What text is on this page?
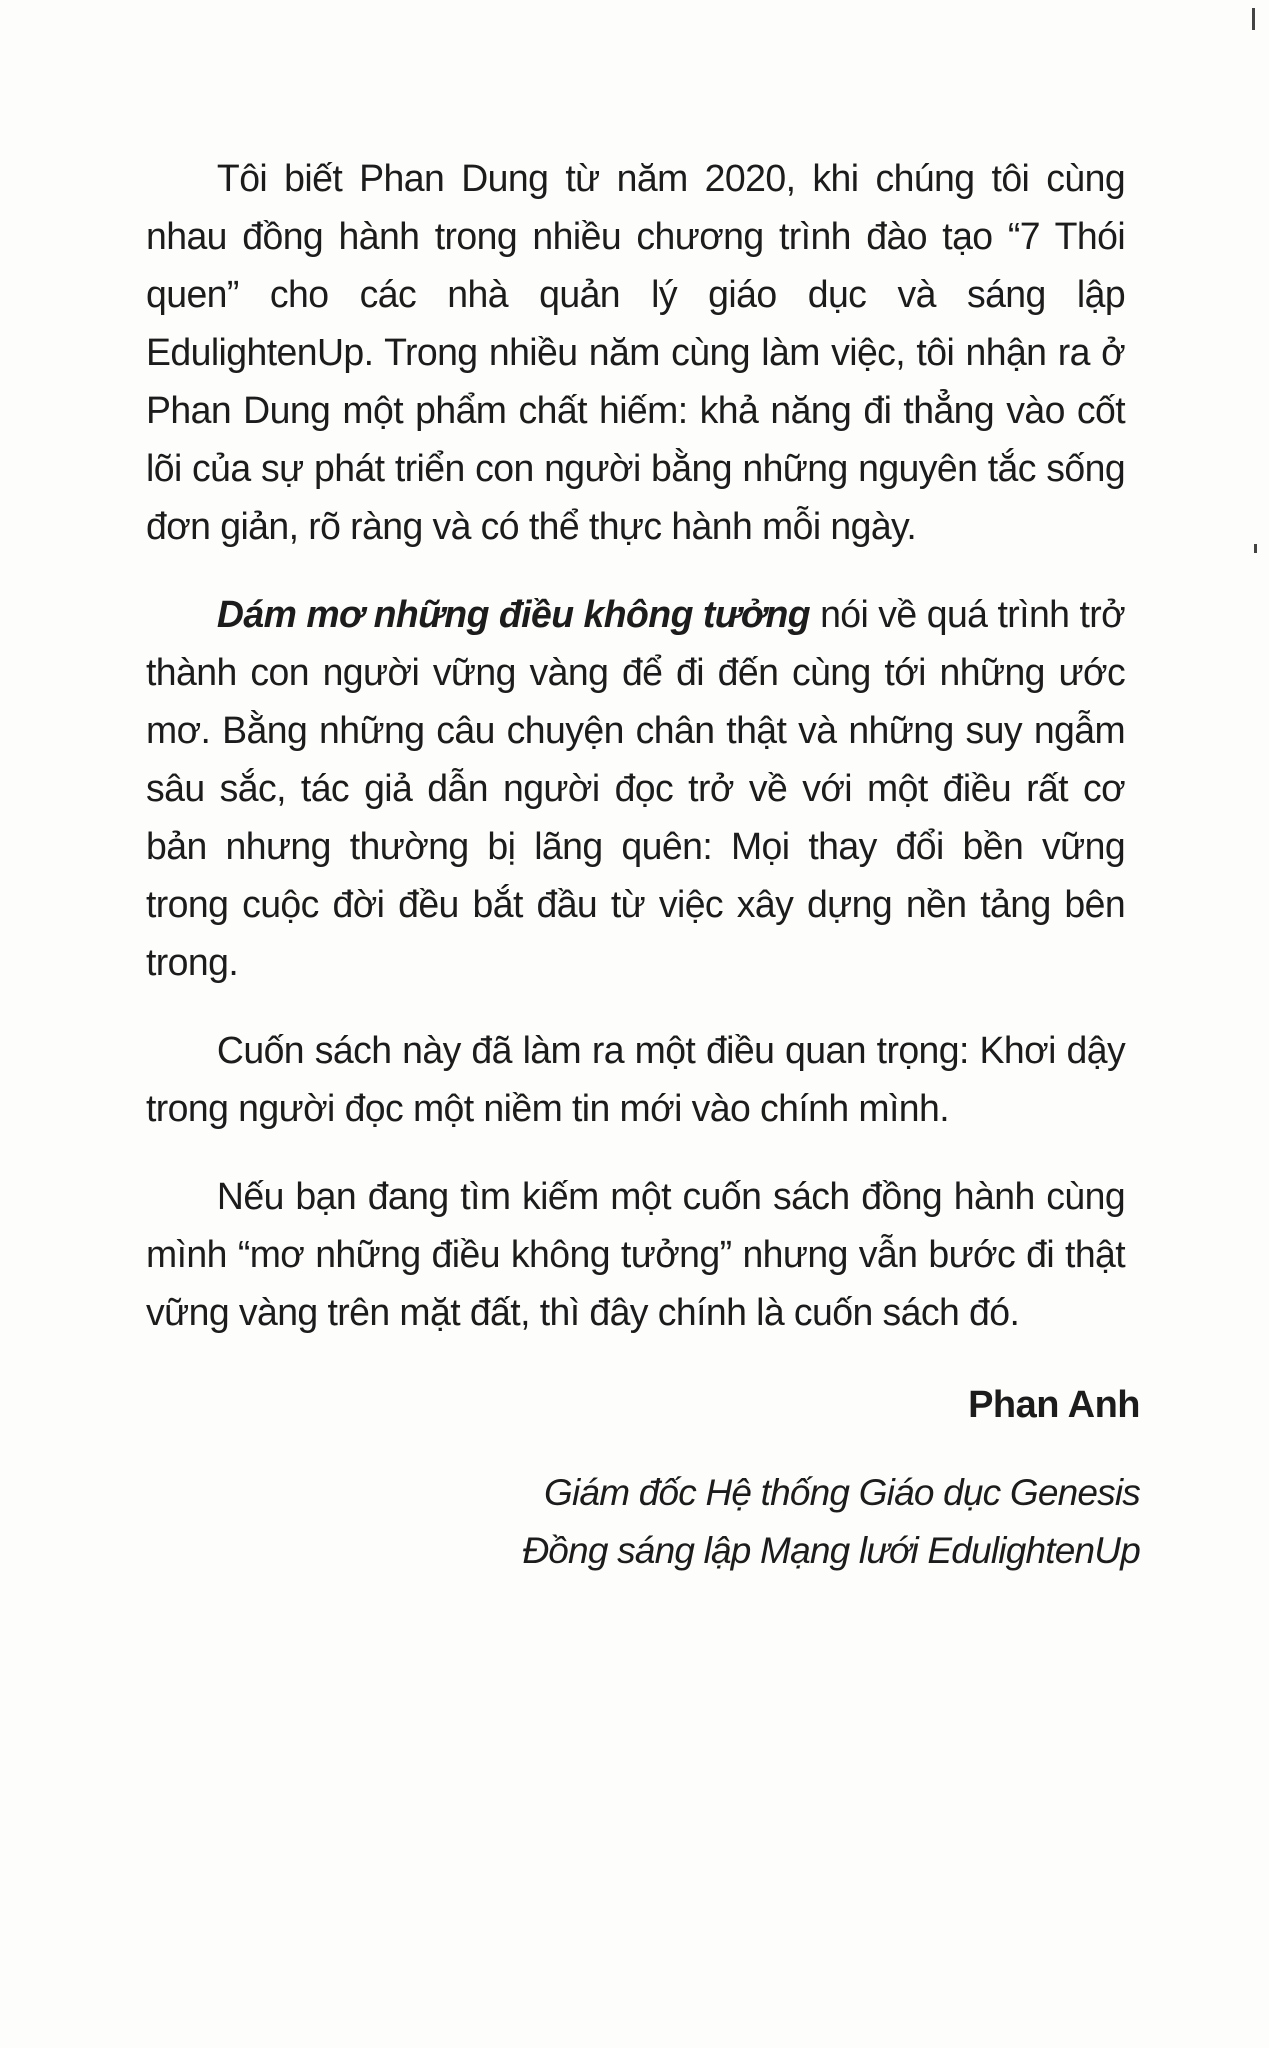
Tôi biết Phan Dung từ năm 2020, khi chúng tôi cùng nhau đồng hành trong nhiều chương trình đào tạo “7 Thói quen” cho các nhà quản lý giáo dục và sáng lập EdulightenUp. Trong nhiều năm cùng làm việc, tôi nhận ra ở Phan Dung một phẩm chất hiếm: khả năng đi thẳng vào cốt lõi của sự phát triển con người bằng những nguyên tắc sống đơn giản, rõ ràng và có thể thực hành mỗi ngày.

Dám mơ những điều không tưởng nói về quá trình trở thành con người vững vàng để đi đến cùng tới những ước mơ. Bằng những câu chuyện chân thật và những suy ngẫm sâu sắc, tác giả dẫn người đọc trở về với một điều rất cơ bản nhưng thường bị lãng quên: Mọi thay đổi bền vững trong cuộc đời đều bắt đầu từ việc xây dựng nền tảng bên trong.

Cuốn sách này đã làm ra một điều quan trọng: Khơi dậy trong người đọc một niềm tin mới vào chính mình.

Nếu bạn đang tìm kiếm một cuốn sách đồng hành cùng mình “mơ những điều không tưởng” nhưng vẫn bước đi thật vững vàng trên mặt đất, thì đây chính là cuốn sách đó.

Phan Anh
Giám đốc Hệ thống Giáo dục Genesis
Đồng sáng lập Mạng lưới EdulightenUp
